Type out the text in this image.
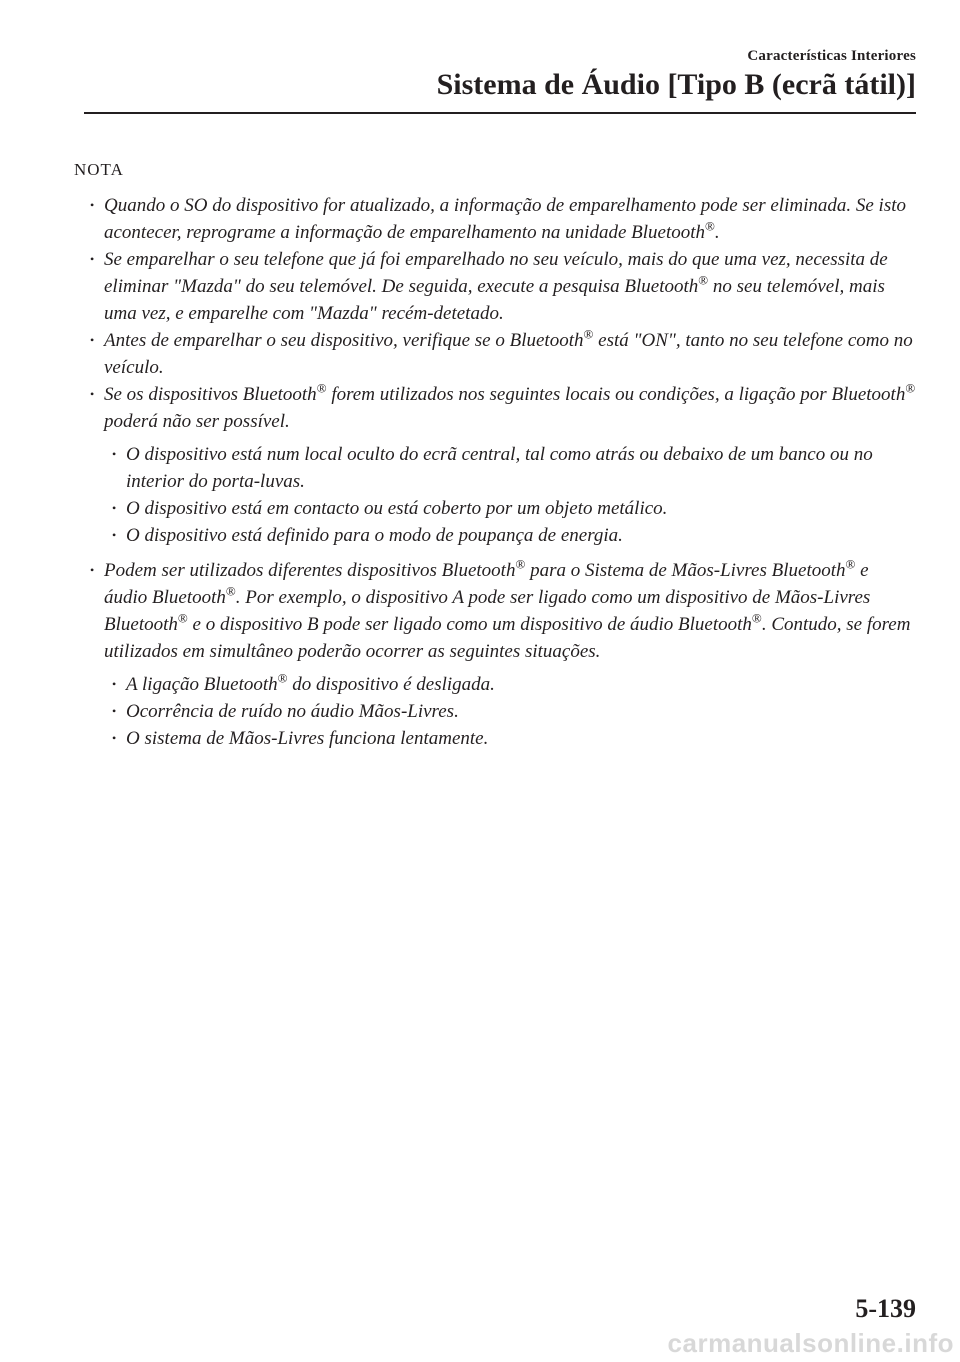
Características Interiores
Sistema de Áudio [Tipo B (ecrã tátil)]
NOTA
• Quando o SO do dispositivo for atualizado, a informação de emparelhamento pode ser eliminada. Se isto acontecer, reprograme a informação de emparelhamento na unidade Bluetooth®.
• Se emparelhar o seu telefone que já foi emparelhado no seu veículo, mais do que uma vez, necessita de eliminar "Mazda" do seu telemóvel. De seguida, execute a pesquisa Bluetooth® no seu telemóvel, mais uma vez, e emparelhe com "Mazda" recém-detetado.
• Antes de emparelhar o seu dispositivo, verifique se o Bluetooth® está "ON", tanto no seu telefone como no veículo.
• Se os dispositivos Bluetooth® forem utilizados nos seguintes locais ou condições, a ligação por Bluetooth® poderá não ser possível.
• O dispositivo está num local oculto do ecrã central, tal como atrás ou debaixo de um banco ou no interior do porta-luvas.
• O dispositivo está em contacto ou está coberto por um objeto metálico.
• O dispositivo está definido para o modo de poupança de energia.
• Podem ser utilizados diferentes dispositivos Bluetooth® para o Sistema de Mãos-Livres Bluetooth® e áudio Bluetooth®. Por exemplo, o dispositivo A pode ser ligado como um dispositivo de Mãos-Livres Bluetooth® e o dispositivo B pode ser ligado como um dispositivo de áudio Bluetooth®. Contudo, se forem utilizados em simultâneo poderão ocorrer as seguintes situações.
• A ligação Bluetooth® do dispositivo é desligada.
• Ocorrência de ruído no áudio Mãos-Livres.
• O sistema de Mãos-Livres funciona lentamente.
5-139
carmanualsonline.info
